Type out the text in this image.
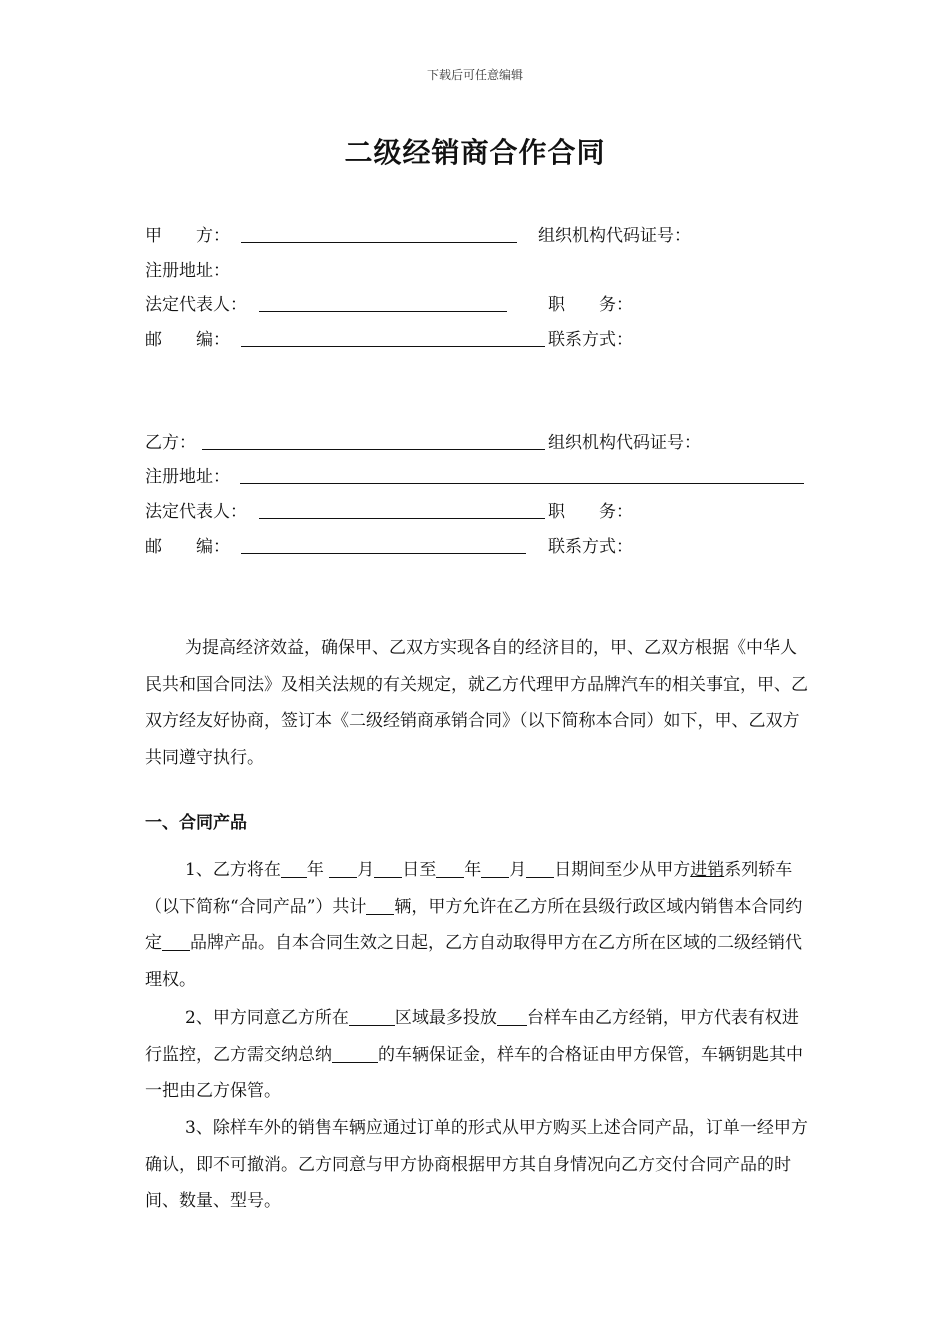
下载后可任意编辑
二级经销商合作合同
甲　　方：	组织机构代码证号：
注册地址：
法定代表人：	职　　务：
邮　　编：	联系方式：
乙方：	组织机构代码证号：
注册地址：
法定代表人：	职　　务：
邮　　编：	联系方式：
为提高经济效益，确保甲、乙双方实现各自的经济目的，甲、乙双方根据《中华人民共和国合同法》及相关法规的有关规定，就乙方代理甲方品牌汽车的相关事宜，甲、乙双方经友好协商，签订本《二级经销商承销合同》（以下简称本合同）如下，甲、乙双方共同遵守执行。
一、合同产品
1、乙方将在 年 月 日至 年 月 日期间至少从甲方进销系列轿车（以下简称“合同产品”）共计 辆，甲方允许在乙方所在县级行政区域内销售本合同约定 品牌产品。自本合同生效之日起，乙方自动取得甲方在乙方所在区域的二级经销代理权。
2、甲方同意乙方所在	区域最多投放 台样车由乙方经销，甲方代表有权进行监控，乙方需交纳总纳	的车辆保证金，样车的合格证由甲方保管，车辆钥匙其中一把由乙方保管。
3、除样车外的销售车辆应通过订单的形式从甲方购买上述合同产品，订单一经甲方确认，即不可撤消。乙方同意与甲方协商根据甲方其自身情况向乙方交付合同产品的时间、数量、型号。
